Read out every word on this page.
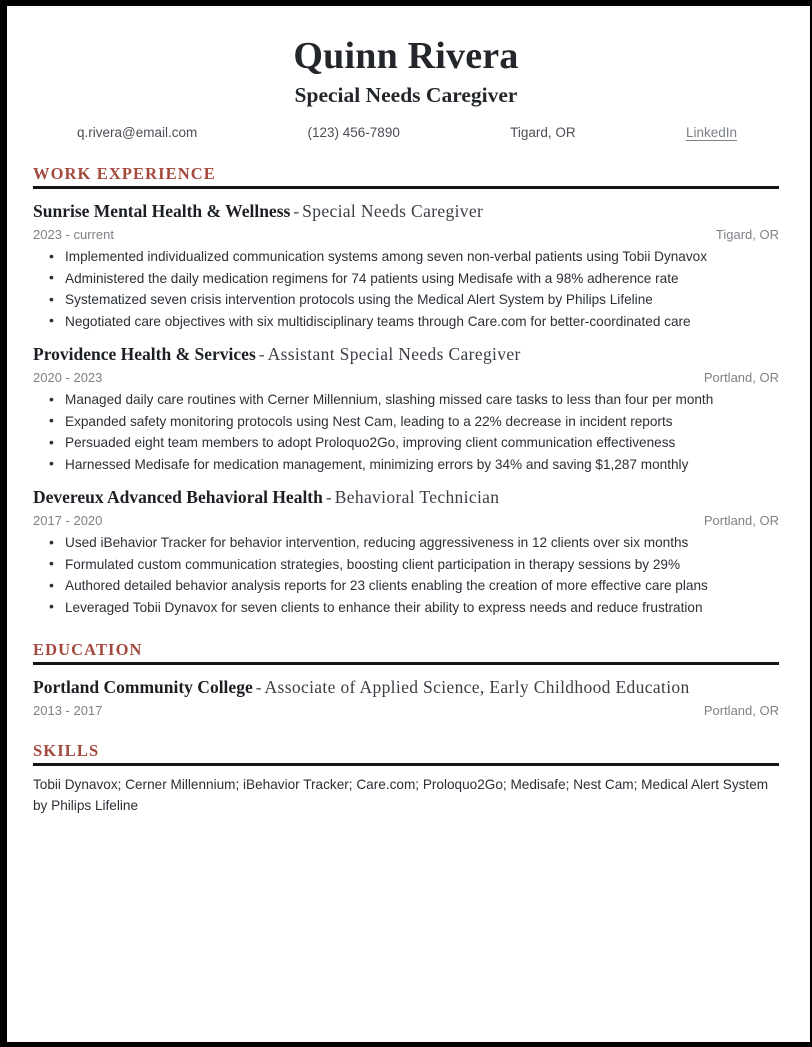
Quinn Rivera
Special Needs Caregiver
q.rivera@email.com	(123) 456-7890	Tigard, OR	LinkedIn
WORK EXPERIENCE
Sunrise Mental Health & Wellness - Special Needs Caregiver
2023 - current	Tigard, OR
• Implemented individualized communication systems among seven non-verbal patients using Tobii Dynavox
• Administered the daily medication regimens for 74 patients using Medisafe with a 98% adherence rate
• Systematized seven crisis intervention protocols using the Medical Alert System by Philips Lifeline
• Negotiated care objectives with six multidisciplinary teams through Care.com for better-coordinated care
Providence Health & Services - Assistant Special Needs Caregiver
2020 - 2023	Portland, OR
• Managed daily care routines with Cerner Millennium, slashing missed care tasks to less than four per month
• Expanded safety monitoring protocols using Nest Cam, leading to a 22% decrease in incident reports
• Persuaded eight team members to adopt Proloquo2Go, improving client communication effectiveness
• Harnessed Medisafe for medication management, minimizing errors by 34% and saving $1,287 monthly
Devereux Advanced Behavioral Health - Behavioral Technician
2017 - 2020	Portland, OR
• Used iBehavior Tracker for behavior intervention, reducing aggressiveness in 12 clients over six months
• Formulated custom communication strategies, boosting client participation in therapy sessions by 29%
• Authored detailed behavior analysis reports for 23 clients enabling the creation of more effective care plans
• Leveraged Tobii Dynavox for seven clients to enhance their ability to express needs and reduce frustration
EDUCATION
Portland Community College - Associate of Applied Science, Early Childhood Education
2013 - 2017	Portland, OR
SKILLS
Tobii Dynavox; Cerner Millennium; iBehavior Tracker; Care.com; Proloquo2Go; Medisafe; Nest Cam; Medical Alert System by Philips Lifeline
